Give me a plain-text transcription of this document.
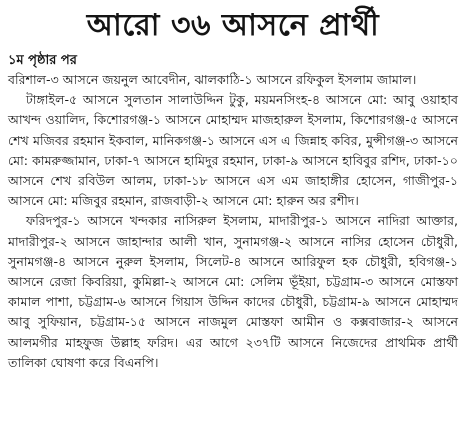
আরো ৩৬ আসনে প্রার্থী

১ম পৃষ্ঠার পর

বরিশাল-৩ আসনে জয়নুল আবেদীন, ঝালকাঠি-১ আসনে রফিকুল ইসলাম জামাল।

টাঙ্গাইল-৫ আসনে সুলতান সালাউদ্দিন টুকু, ময়মনসিংহ-৪ আসনে মো: আবু ওয়াহাব আখন্দ ওয়ালিদ, কিশোরগঞ্জ-১ আসনে মোহাম্মদ মাজহারুল ইসলাম, কিশোরগঞ্জ-৫ আসনে শেখ মজিবর রহমান ইকবাল, মানিকগঞ্জ-১ আসনে এস এ জিন্নাহ কবির, মুন্সীগঞ্জ-৩ আসনে মো: কামরুজ্জামান, ঢাকা-৭ আসনে হামিদুর রহমান, ঢাকা-৯ আসনে হাবিবুর রশিদ, ঢাকা-১০ আসনে শেখ রবিউল আলম, ঢাকা-১৮ আসনে এস এম জাহাঙ্গীর হোসেন, গাজীপুর-১ আসনে মো: মজিবুর রহমান, রাজবাড়ী-২ আসনে মো: হারুন অর রশীদ।

ফরিদপুর-১ আসনে খন্দকার নাসিরুল ইসলাম, মাদারীপুর-১ আসনে নাদিরা আক্তার, মাদারীপুর-২ আসনে জাহান্দার আলী খান, সুনামগঞ্জ-২ আসনে নাসির হোসেন চৌধুরী, সুনামগঞ্জ-৪ আসনে নুরুল ইসলাম, সিলেট-৪ আসনে আরিফুল হক চৌধুরী, হবিগঞ্জ-১ আসনে রেজা কিবরিয়া, কুমিল্লা-২ আসনে মো: সেলিম ভূঁইয়া, চট্টগ্রাম-৩ আসনে মোস্তফা কামাল পাশা, চট্টগ্রাম-৬ আসনে গিয়াস উদ্দিন কাদের চৌধুরী, চট্টগ্রাম-৯ আসনে মোহাম্মদ আবু সুফিয়ান, চট্টগ্রাম-১৫ আসনে নাজমুল মোস্তফা আমীন ও কক্সবাজার-২ আসনে আলমগীর মাহফুজ উল্লাহ ফরিদ। এর আগে ২৩৭টি আসনে নিজেদের প্রাথমিক প্রার্থী তালিকা ঘোষণা করে বিএনপি।
